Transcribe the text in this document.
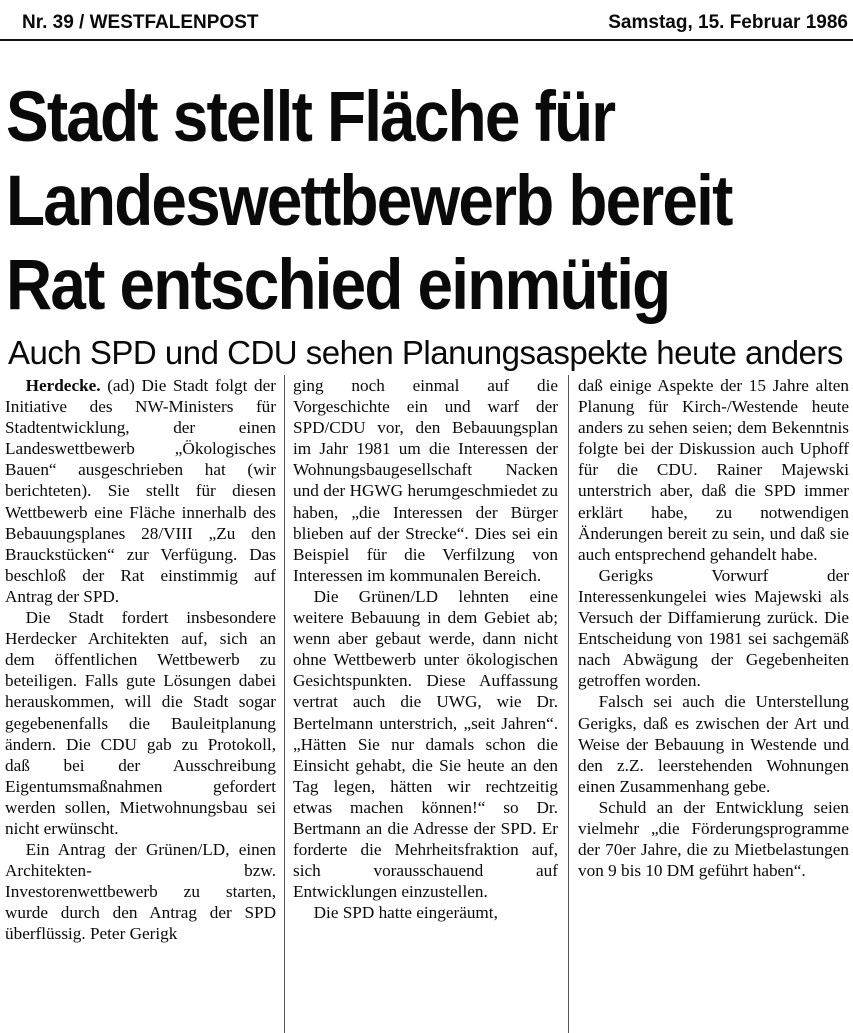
Nr. 39 / WESTFALENPOST	Samstag, 15. Februar 1986
Stadt stellt Fläche für
Landeswettbewerb bereit
Rat entschied einmütig
Auch SPD und CDU sehen Planungsaspekte heute anders

Herdecke. (ad) Die Stadt folgt der Initiative des NW-Ministers für Stadtentwicklung, der einen Landeswettbewerb „Ökologisches Bauen“ ausgeschrieben hat (wir berichteten). Sie stellt für diesen Wettbewerb eine Fläche innerhalb des Bebauungsplanes 28/VIII „Zu den Brauckstücken“ zur Verfügung. Das beschloß der Rat einstimmig auf Antrag der SPD.

Die Stadt fordert insbesondere Herdecker Architekten auf, sich an dem öffentlichen Wettbewerb zu beteiligen. Falls gute Lösungen dabei herauskommen, will die Stadt sogar gegebenenfalls die Bauleitplanung ändern. Die CDU gab zu Protokoll, daß bei der Ausschreibung Eigentumsmaßnahmen gefordert werden sollen, Mietwohnungsbau sei nicht erwünscht.

Ein Antrag der Grünen/LD, einen Architekten- bzw. Investorenwettbewerb zu starten, wurde durch den Antrag der SPD überflüssig. Peter Gerigk

ging noch einmal auf die Vorgeschichte ein und warf der SPD/CDU vor, den Bebauungsplan im Jahr 1981 um die Interessen der Wohnungsbaugesellschaft Nacken und der HGWG herumgeschmiedet zu haben, „die Interessen der Bürger blieben auf der Strecke“. Dies sei ein Beispiel für die Verfilzung von Interessen im kommunalen Bereich.

Die Grünen/LD lehnten eine weitere Bebauung in dem Gebiet ab; wenn aber gebaut werde, dann nicht ohne Wettbewerb unter ökologischen Gesichtspunkten. Diese Auffassung vertrat auch die UWG, wie Dr. Bertelmann unterstrich, „seit Jahren“. „Hätten Sie nur damals schon die Einsicht gehabt, die Sie heute an den Tag legen, hätten wir rechtzeitig etwas machen können!“ so Dr. Bertmann an die Adresse der SPD. Er forderte die Mehrheitsfraktion auf, sich vorausschauend auf Entwicklungen einzustellen.

Die SPD hatte eingeräumt,

daß einige Aspekte der 15 Jahre alten Planung für Kirch-/Westende heute anders zu sehen seien; dem Bekenntnis folgte bei der Diskussion auch Uphoff für die CDU. Rainer Majewski unterstrich aber, daß die SPD immer erklärt habe, zu notwendigen Änderungen bereit zu sein, und daß sie auch entsprechend gehandelt habe.

Gerigks Vorwurf der Interessenkungelei wies Majewski als Versuch der Diffamierung zurück. Die Entscheidung von 1981 sei sachgemäß nach Abwägung der Gegebenheiten getroffen worden.

Falsch sei auch die Unterstellung Gerigks, daß es zwischen der Art und Weise der Bebauung in Westende und den z.Z. leerstehenden Wohnungen einen Zusammenhang gebe.

Schuld an der Entwicklung seien vielmehr „die Förderungsprogramme der 70er Jahre, die zu Mietbelastungen von 9 bis 10 DM geführt haben“.
